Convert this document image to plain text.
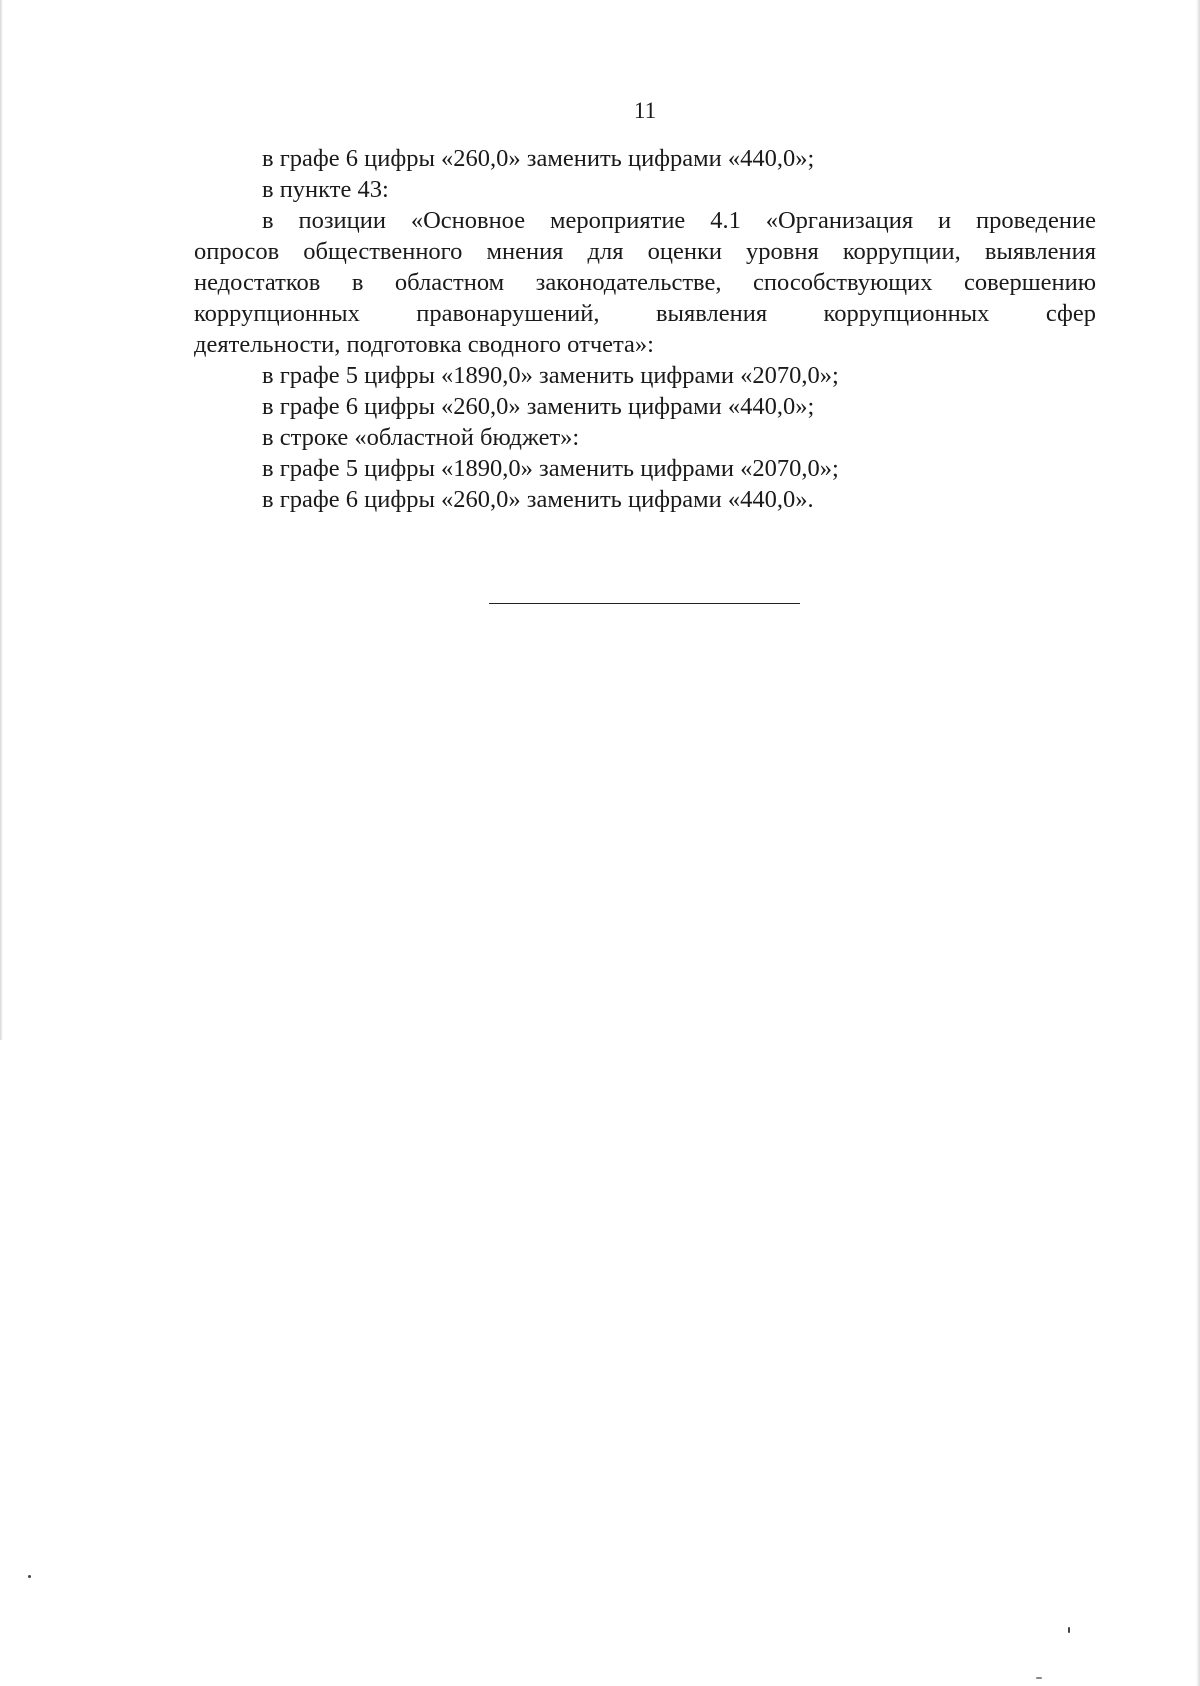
11
в графе 6 цифры «260,0» заменить цифрами «440,0»;
в пункте 43:
в позиции «Основное мероприятие 4.1 «Организация и проведение
опросов общественного мнения для оценки уровня коррупции, выявления
недостатков в областном законодательстве, способствующих совершению
коррупционных правонарушений, выявления коррупционных сфер
деятельности, подготовка сводного отчета»:
в графе 5 цифры «1890,0» заменить цифрами «2070,0»;
в графе 6 цифры «260,0» заменить цифрами «440,0»;
в строке «областной бюджет»:
в графе 5 цифры «1890,0» заменить цифрами «2070,0»;
в графе 6 цифры «260,0» заменить цифрами «440,0».
